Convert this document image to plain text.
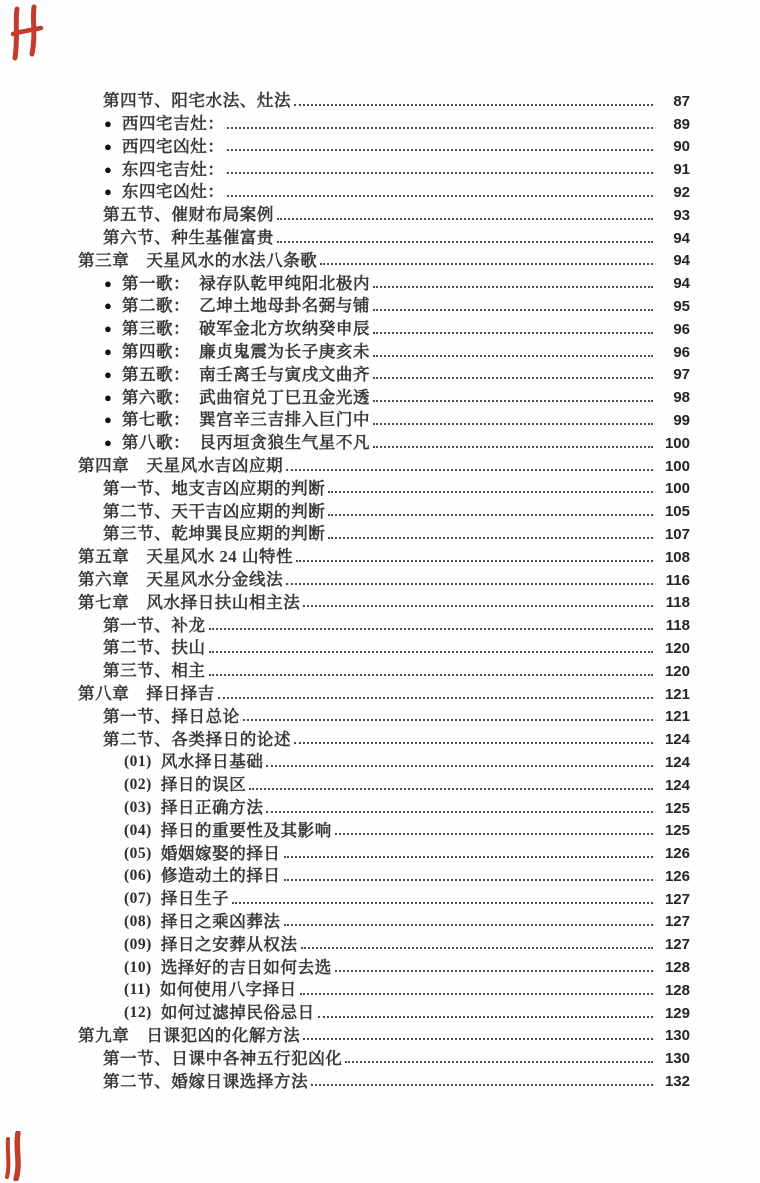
第四节、阳宅水法、灶法	87
● 西四宅吉灶：	89
● 西四宅凶灶：	90
● 东四宅吉灶：	91
● 东四宅凶灶：	92
第五节、催财布局案例	93
第六节、种生基催富贵	94
第三章　天星风水的水法八条歌	94
● 第一歌：　禄存队乾甲纯阳北极内	94
● 第二歌：　乙坤土地母卦名弼与铺	95
● 第三歌：　破军金北方坎纳癸申辰	96
● 第四歌：　廉贞鬼震为长子庚亥未	96
● 第五歌：　南壬离壬与寅戌文曲齐	97
● 第六歌：　武曲宿兑丁巳丑金光透	98
● 第七歌：　巽宫辛三吉排入巨门中	99
● 第八歌：　艮丙垣贪狼生气星不凡	100
第四章　天星风水吉凶应期	100
第一节、地支吉凶应期的判断	100
第二节、天干吉凶应期的判断	105
第三节、乾坤巽艮应期的判断	107
第五章　天星风水 24 山特性	108
第六章　天星风水分金线法	116
第七章　风水择日扶山相主法	118
第一节、补龙	118
第二节、扶山	120
第三节、相主	120
第八章　择日择吉	121
第一节、择日总论	121
第二节、各类择日的论述	124
(01) 风水择日基础	124
(02) 择日的误区	124
(03) 择日正确方法	125
(04) 择日的重要性及其影响	125
(05) 婚姻嫁娶的择日	126
(06) 修造动土的择日	126
(07) 择日生子	127
(08) 择日之乘凶葬法	127
(09) 择日之安葬从权法	127
(10) 选择好的吉日如何去选	128
(11) 如何使用八字择日	128
(12) 如何过滤掉民俗忌日	129
第九章　日课犯凶的化解方法	130
第一节、日课中各神五行犯凶化	130
第二节、婚嫁日课选择方法	132
